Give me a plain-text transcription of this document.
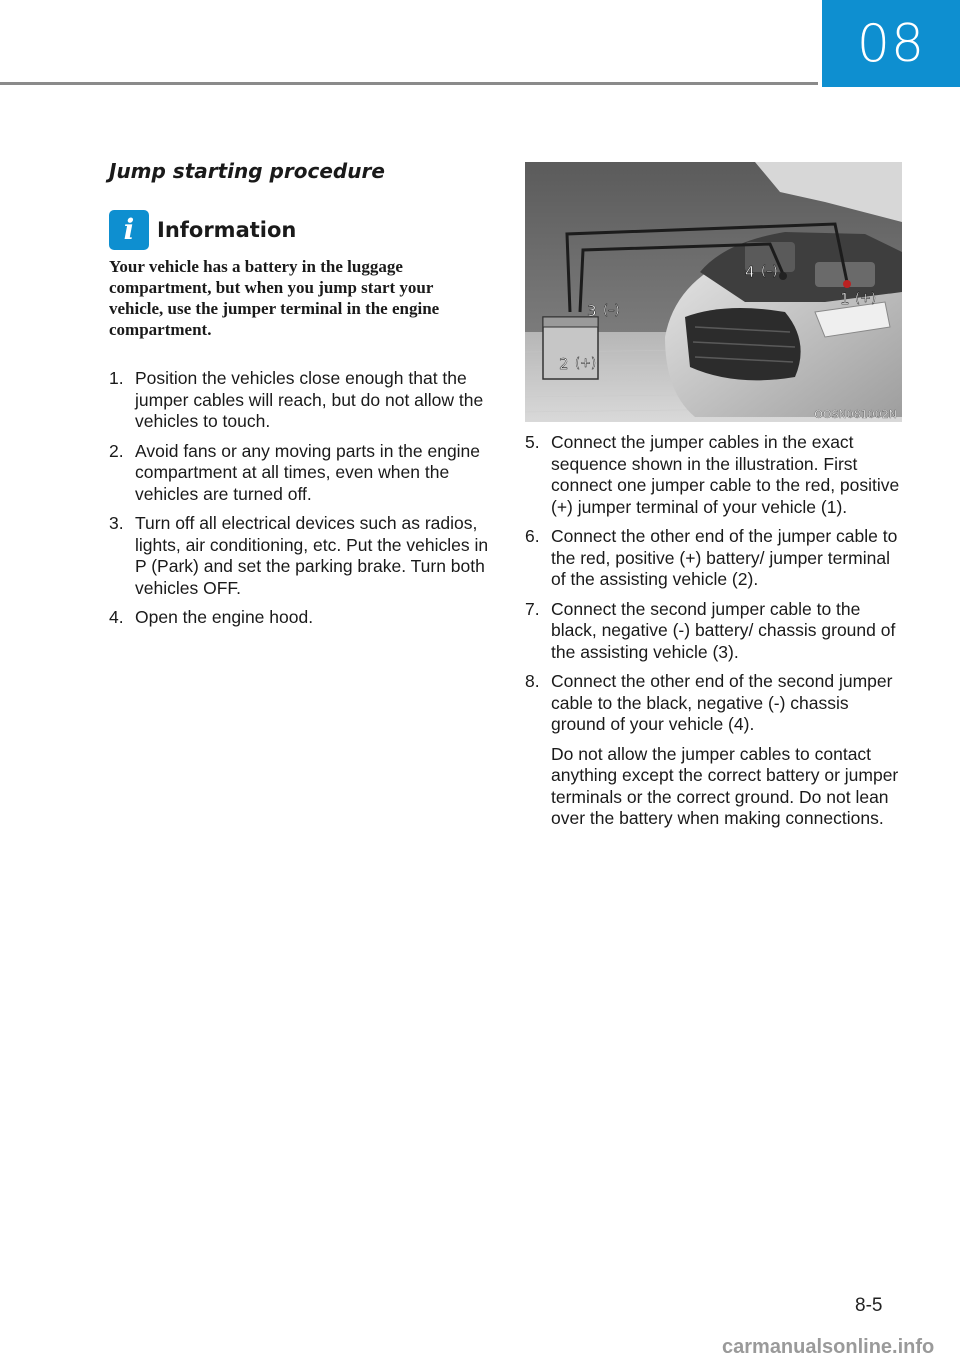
08
Jump starting procedure
i Information
Your vehicle has a battery in the luggage compartment, but when you jump start your vehicle, use the jumper terminal in the engine compartment.
1. Position the vehicles close enough that the jumper cables will reach, but do not allow the vehicles to touch.
2. Avoid fans or any moving parts in the engine compartment at all times, even when the vehicles are turned off.
3. Turn off all electrical devices such as radios, lights, air conditioning, etc. Put the vehicles in P (Park) and set the parking brake. Turn both vehicles OFF.
4. Open the engine hood.
1 (+)
2 (+)
3 (–)
4 (–)
OOSN081002N
5. Connect the jumper cables in the exact sequence shown in the illustration. First connect one jumper cable to the red, positive (+) jumper terminal of your vehicle (1).
6. Connect the other end of the jumper cable to the red, positive (+) battery/ jumper terminal of the assisting vehicle (2).
7. Connect the second jumper cable to the black, negative (-) battery/ chassis ground of the assisting vehicle (3).
8. Connect the other end of the second jumper cable to the black, negative (-) chassis ground of your vehicle (4).
Do not allow the jumper cables to contact anything except the correct battery or jumper terminals or the correct ground. Do not lean over the battery when making connections.
8-5
carmanualsonline.info
